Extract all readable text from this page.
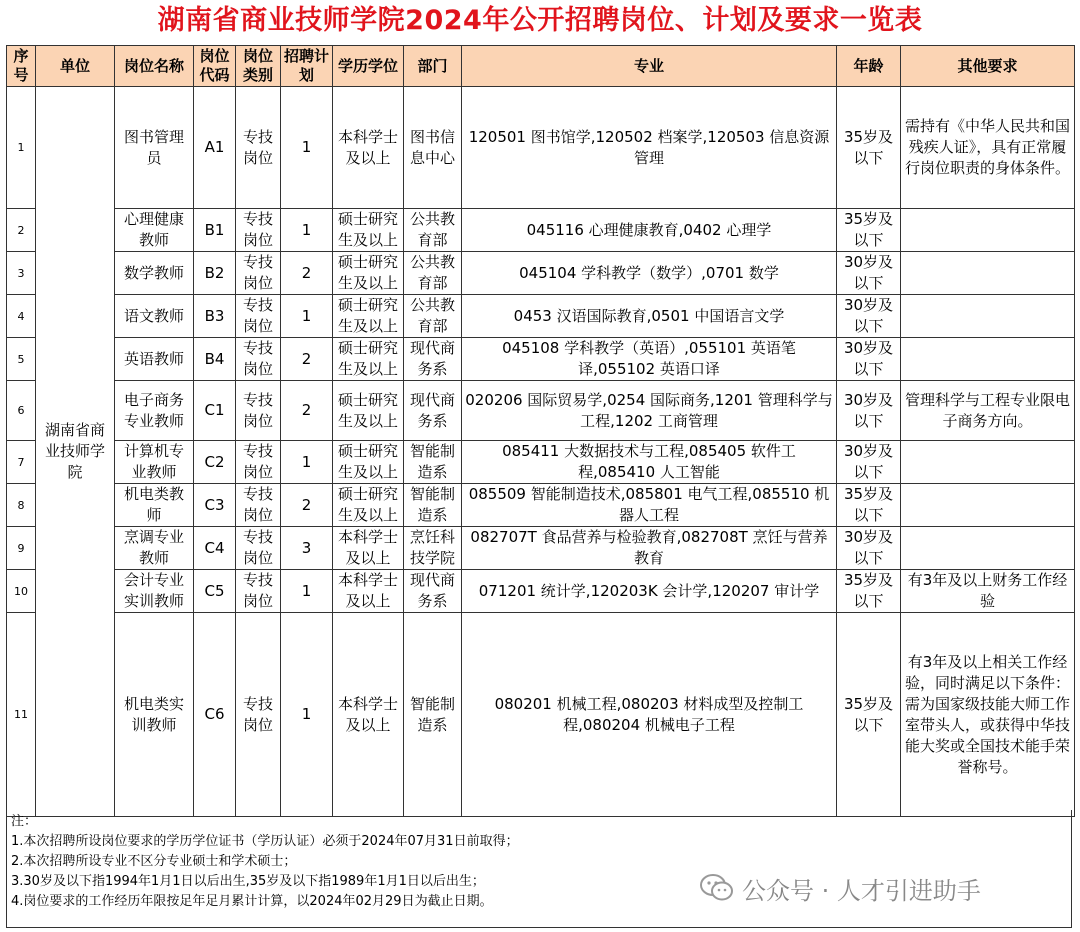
湖南省商业技师学院2024年公开招聘岗位、计划及要求一览表
序号	单位	岗位名称	岗位代码	岗位类别	招聘计划	学历学位	部门	专业	年龄	其他要求
1	湖南省商业技师学院	图书管理员	A1	专技岗位	1	本科学士及以上	图书信息中心	120501 图书馆学,120502 档案学,120503 信息资源管理	35岁及以下	需持有《中华人民共和国残疾人证》，具有正常履行岗位职责的身体条件。
2		心理健康教师	B1	专技岗位	1	硕士研究生及以上	公共教育部	045116 心理健康教育,0402 心理学	35岁及以下	
3		数学教师	B2	专技岗位	2	硕士研究生及以上	公共教育部	045104 学科教学（数学）,0701 数学	30岁及以下	
4		语文教师	B3	专技岗位	1	硕士研究生及以上	公共教育部	0453 汉语国际教育,0501 中国语言文学	30岁及以下	
5		英语教师	B4	专技岗位	2	硕士研究生及以上	现代商务系	045108 学科教学（英语）,055101 英语笔译,055102 英语口译	30岁及以下	
6		电子商务专业教师	C1	专技岗位	2	硕士研究生及以上	现代商务系	020206 国际贸易学,0254 国际商务,1201 管理科学与工程,1202 工商管理	30岁及以下	管理科学与工程专业限电子商务方向。
7		计算机专业教师	C2	专技岗位	1	硕士研究生及以上	智能制造系	085411 大数据技术与工程,085405 软件工程,085410 人工智能	30岁及以下	
8		机电类教师	C3	专技岗位	2	硕士研究生及以上	智能制造系	085509 智能制造技术,085801 电气工程,085510 机器人工程	35岁及以下	
9		烹调专业教师	C4	专技岗位	3	本科学士及以上	烹饪科技学院	082707T 食品营养与检验教育,082708T 烹饪与营养教育	30岁及以下	
10		会计专业实训教师	C5	专技岗位	1	本科学士及以上	现代商务系	071201 统计学,120203K 会计学,120207 审计学	35岁及以下	有3年及以上财务工作经验
11		机电类实训教师	C6	专技岗位	1	本科学士及以上	智能制造系	080201 机械工程,080203 材料成型及控制工程,080204 机械电子工程	35岁及以下	有3年及以上相关工作经验，同时满足以下条件：需为国家级技能大师工作室带头人，或获得中华技能大奖或全国技术能手荣誉称号。
注：
1.本次招聘所设岗位要求的学历学位证书（学历认证）必须于2024年07月31日前取得；
2.本次招聘所设专业不区分专业硕士和学术硕士；
3.30岁及以下指1994年1月1日以后出生,35岁及以下指1989年1月1日以后出生；
4.岗位要求的工作经历年限按足年足月累计计算，以2024年02月29日为截止日期。	公众号 · 人才引进助手
